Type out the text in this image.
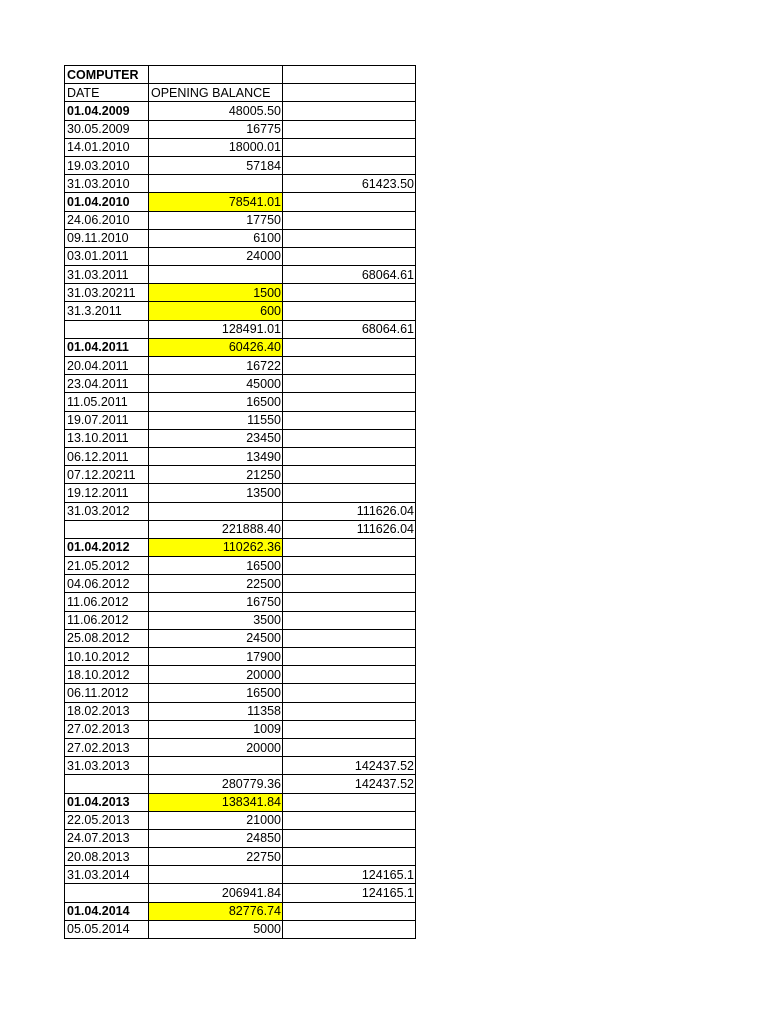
COMPUTER		
DATE	OPENING BALANCE	
01.04.2009	48005.50	
30.05.2009	16775	
14.01.2010	18000.01	
19.03.2010	57184	
31.03.2010		61423.50
01.04.2010	78541.01	
24.06.2010	17750	
09.11.2010	6100	
03.01.2011	24000	
31.03.2011		68064.61
31.03.20211	1500	
31.3.2011	600	
	128491.01	68064.61
01.04.2011	60426.40	
20.04.2011	16722	
23.04.2011	45000	
11.05.2011	16500	
19.07.2011	11550	
13.10.2011	23450	
06.12.2011	13490	
07.12.20211	21250	
19.12.2011	13500	
31.03.2012		111626.04
	221888.40	111626.04
01.04.2012	110262.36	
21.05.2012	16500	
04.06.2012	22500	
11.06.2012	16750	
11.06.2012	3500	
25.08.2012	24500	
10.10.2012	17900	
18.10.2012	20000	
06.11.2012	16500	
18.02.2013	11358	
27.02.2013	1009	
27.02.2013	20000	
31.03.2013		142437.52
	280779.36	142437.52
01.04.2013	138341.84	
22.05.2013	21000	
24.07.2013	24850	
20.08.2013	22750	
31.03.2014		124165.1
	206941.84	124165.1
01.04.2014	82776.74	
05.05.2014	5000	
